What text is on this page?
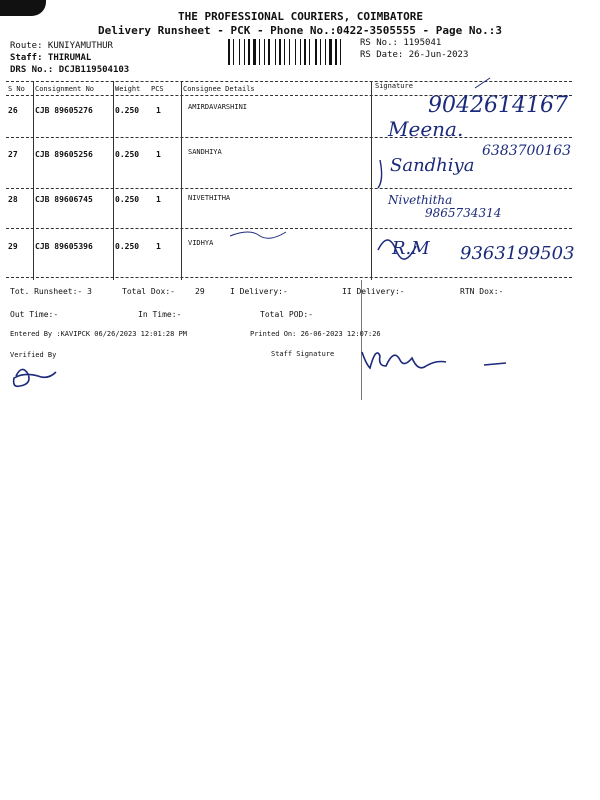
THE PROFESSIONAL COURIERS, COIMBATORE
Delivery Runsheet - PCK - Phone No.:0422-3505555 - Page No.:3
Route: KUNIYAMUTHUR
Staff: THIRUMAL
DRS No.: DCJB119504103
RS No.: 1195041
RS Date: 26-Jun-2023
S No Consignment No	Weight PCS	Consignee Details	Signature
26 CJB 89605276	0.250 1	AMIRDAVARSHINI	9042614167
Meena.
27 CJB 89605256	0.250 1	SANDHIYA	6383700163
Sandhiya
28 CJB 89606745	0.250 1	NIVETHITHA	Nivethitha
9865734314
29 CJB 89605396	0.250 1	VIDHYA	R.M 9363199503
Tot. Runsheet:- 3	Total Dox:-	29	I Delivery:-	II Delivery:-	RTN Dox:-
Out Time:-	In Time:-	Total POD:-
Entered By :KAVIPCK 06/26/2023 12:01:28 PM	Printed On: 26-06-2023 12:07:26
Verified By	Staff Signature
